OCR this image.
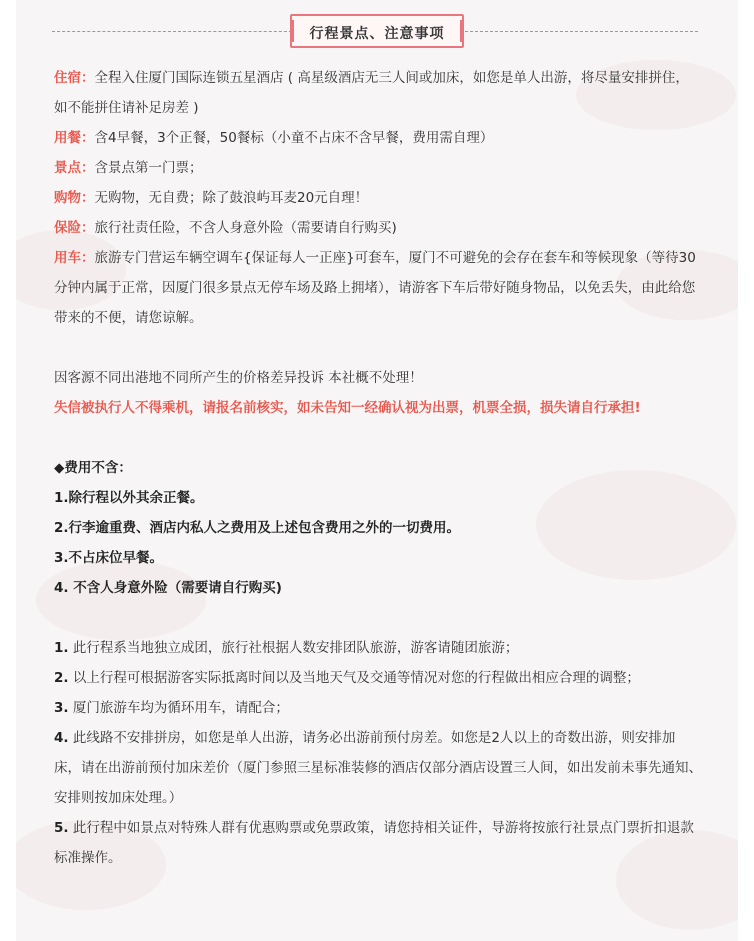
行程景点、注意事项

住宿：全程入住厦门国际连锁五星酒店 ( 高星级酒店无三人间或加床，如您是单人出游，将尽量安排拼住，如不能拼住请补足房差 )

用餐：含4早餐，3个正餐，50餐标（小童不占床不含早餐，费用需自理）

景点：含景点第一门票；

购物：无购物，无自费；除了鼓浪屿耳麦20元自理！

保险：旅行社责任险，不含人身意外险（需要请自行购买)

用车：旅游专门营运车辆空调车{保证每人一正座}可套车，厦门不可避免的会存在套车和等候现象（等待30分钟内属于正常，因厦门很多景点无停车场及路上拥堵），请游客下车后带好随身物品，以免丢失，由此给您带来的不便，请您谅解。

因客源不同出港地不同所产生的价格差异投诉 本社概不处理！

失信被执行人不得乘机，请报名前核实，如未告知一经确认视为出票，机票全损，损失请自行承担!

◆费用不含：

1.除行程以外其余正餐。

2.行李逾重费、酒店内私人之费用及上述包含费用之外的一切费用。

3.不占床位早餐。

4. 不含人身意外险（需要请自行购买)

1. 此行程系当地独立成团，旅行社根据人数安排团队旅游，游客请随团旅游；

2. 以上行程可根据游客实际抵离时间以及当地天气及交通等情况对您的行程做出相应合理的调整；

3. 厦门旅游车均为循环用车，请配合；

4. 此线路不安排拼房，如您是单人出游，请务必出游前预付房差。如您是2人以上的奇数出游，则安排加床，请在出游前预付加床差价（厦门参照三星标准装修的酒店仅部分酒店设置三人间，如出发前未事先通知、安排则按加床处理。）

5. 此行程中如景点对特殊人群有优惠购票或免票政策，请您持相关证件，导游将按旅行社景点门票折扣退款标准操作。
